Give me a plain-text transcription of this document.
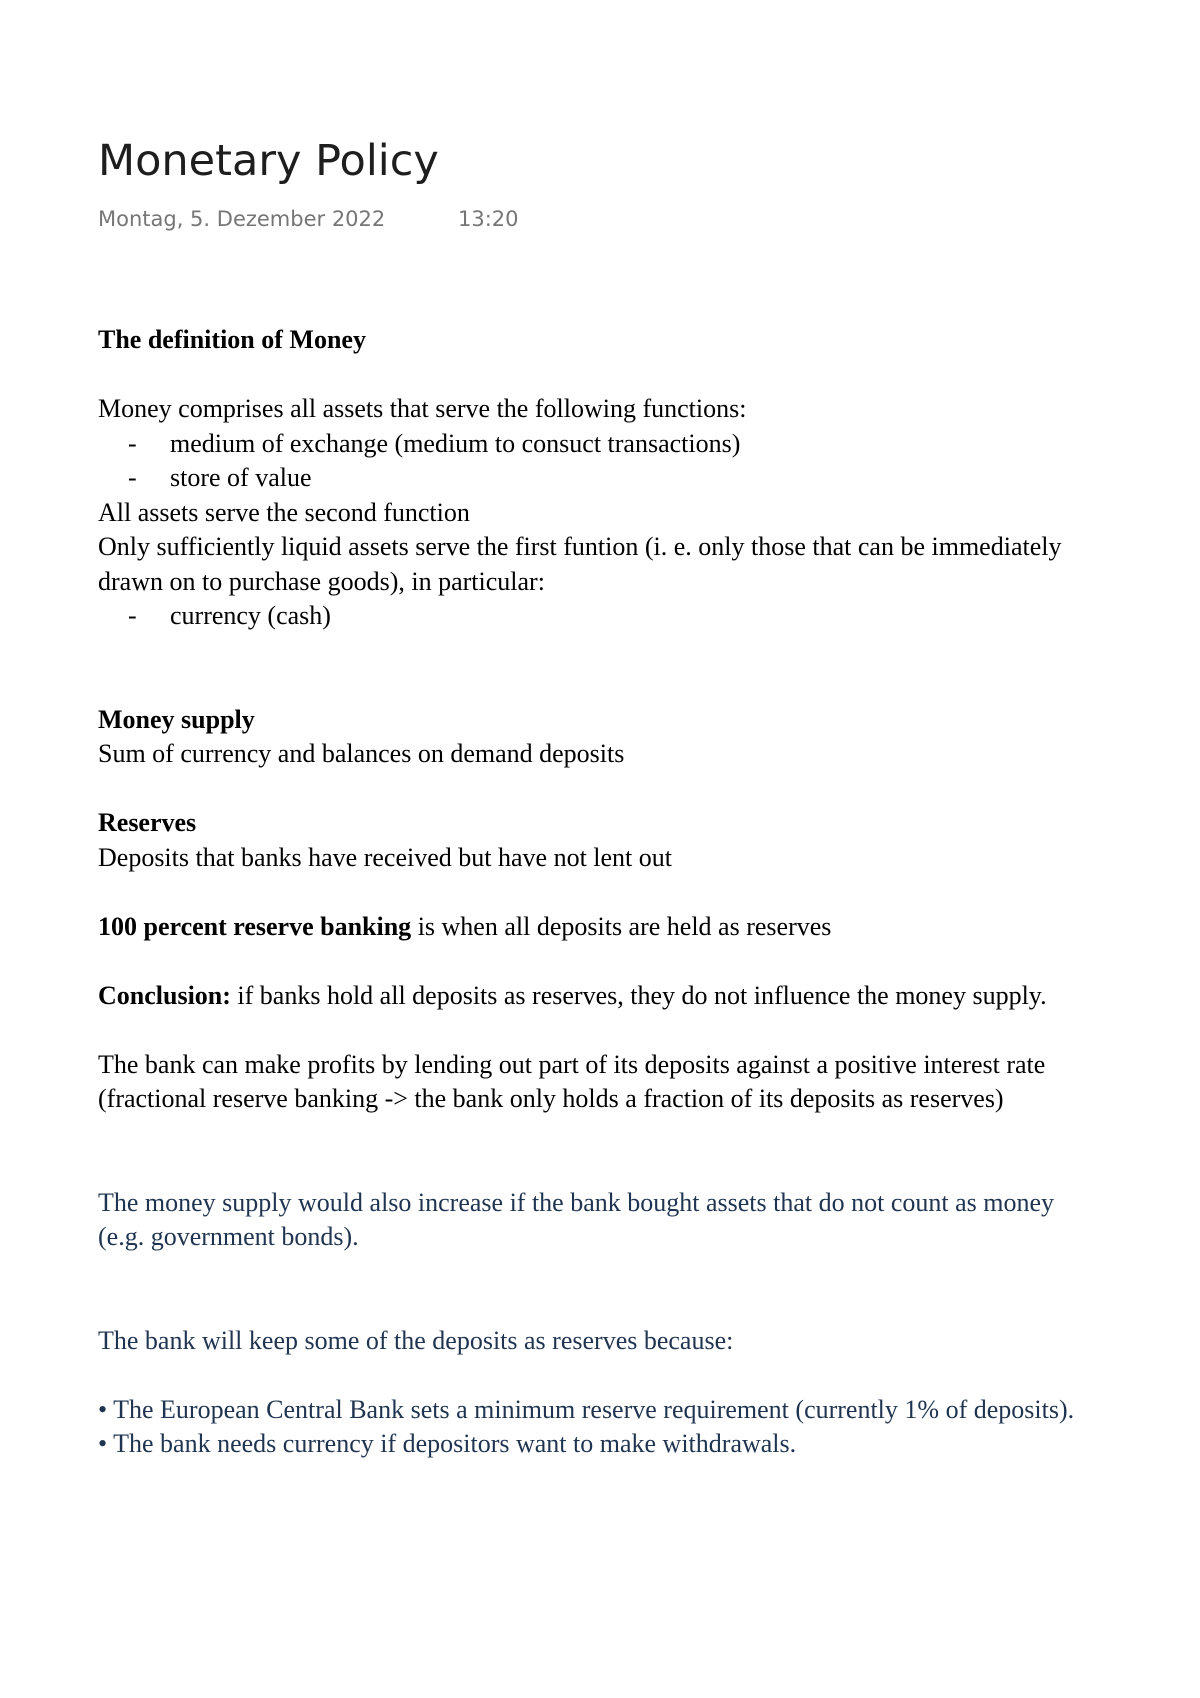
Monetary Policy
Montag, 5. Dezember 2022	13:20

The definition of Money

Money comprises all assets that serve the following functions:

- medium of exchange (medium to consuct transactions)
- store of value

All assets serve the second function

Only sufficiently liquid assets serve the first funtion (i. e. only those that can be immediately drawn on to purchase goods), in particular:

- currency (cash)

Money supply

Sum of currency and balances on demand deposits

Reserves

Deposits that banks have received but have not lent out

100 percent reserve banking is when all deposits are held as reserves

Conclusion: if banks hold all deposits as reserves, they do not influence the money supply.

The bank can make profits by lending out part of its deposits against a positive interest rate (fractional reserve banking -> the bank only holds a fraction of its deposits as reserves)

The money supply would also increase if the bank bought assets that do not count as money (e.g. government bonds).

The bank will keep some of the deposits as reserves because:

• The European Central Bank sets a minimum reserve requirement (currently 1% of deposits).

• The bank needs currency if depositors want to make withdrawals.
